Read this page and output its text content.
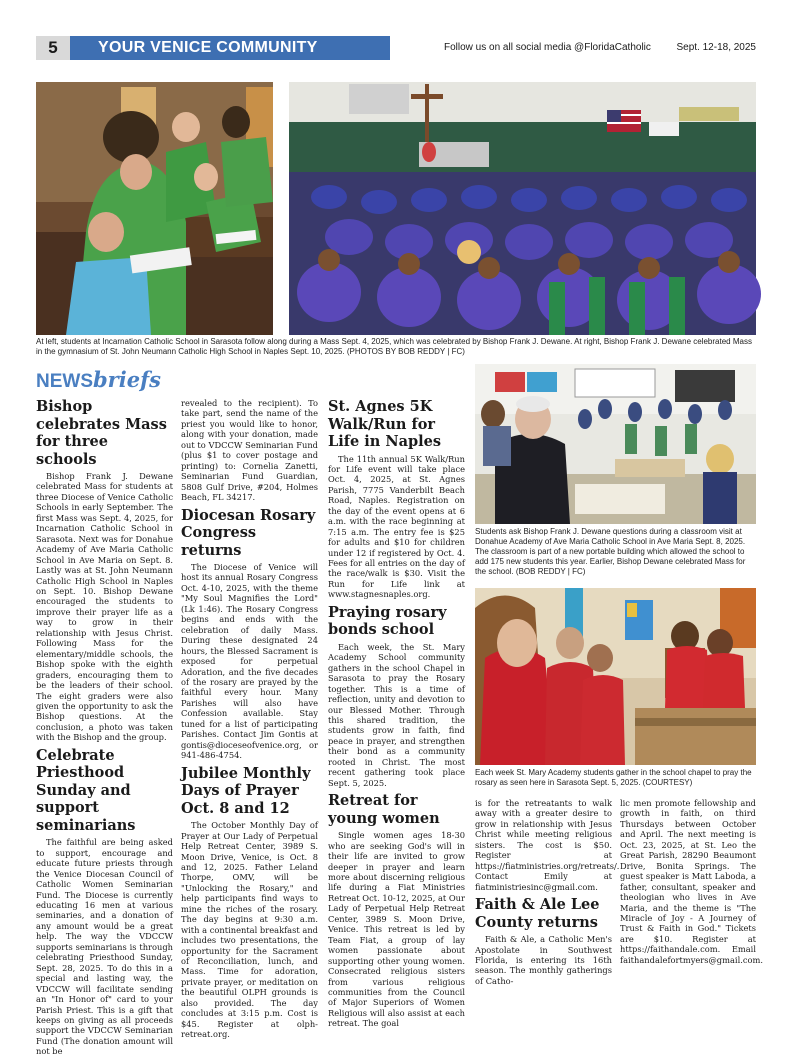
5	YOUR VENICE COMMUNITY	Follow us on all social media @FloridaCatholic	Sept. 12-18, 2025
At left, students at Incarnation Catholic School in Sarasota follow along during a Mass Sept. 4, 2025, which was celebrated by Bishop Frank J. Dewane. At right, Bishop Frank J. Dewane celebrated Mass in the gymnasium of St. John Neumann Catholic High School in Naples Sept. 10, 2025. (PHOTOS BY BOB REDDY | FC)
NEWSbriefs
Bishop celebrates Mass for three schools

Bishop Frank J. Dewane celebrated Mass for students at three Diocese of Venice Catholic Schools in early September. The first Mass was Sept. 4, 2025, for Incarnation Catholic School in Sarasota. Next was for Donahue Academy of Ave Maria Catholic School in Ave Maria on Sept. 8. Lastly was at St. John Neumann Catholic High School in Naples on Sept. 10. Bishop Dewane encouraged the students to improve their prayer life as a way to grow in their relationship with Jesus Christ. Following Mass for the elementary/middle schools, the Bishop spoke with the eighth graders, encouraging them to be the leaders of their school. The eight graders were also given the opportunity to ask the Bishop questions. At the conclusion, a photo was taken with the Bishop and the group.

Celebrate Priesthood Sunday and support seminarians

The faithful are being asked to support, encourage and educate future priests through the Venice Diocesan Council of Catholic Women Seminarian Fund. The Diocese is currently educating 16 men at various seminaries, and a donation of any amount would be a great help. The way the VDCCW supports seminarians is through celebrating Priesthood Sunday, Sept. 28, 2025. To do this in a special and lasting way, the VDCCW will facilitate sending an "In Honor of" card to your Parish Priest. This is a gift that keeps on giving as all proceeds support the VDCCW Seminarian Fund (The donation amount will not be

revealed to the recipient). To take part, send the name of the priest you would like to honor, along with your donation, made out to VDCCW Seminarian Fund (plus $1 to cover postage and printing) to: Cornelia Zanetti, Seminarian Fund Guardian, 5808 Gulf Drive, #204, Holmes Beach, FL 34217.

Diocesan Rosary Congress returns

The Diocese of Venice will host its annual Rosary Congress Oct. 4-10, 2025, with the theme "My Soul Magnifies the Lord" (Lk 1:46). The Rosary Congress begins and ends with the celebration of daily Mass. During these designated 24 hours, the Blessed Sacrament is exposed for perpetual Adoration, and the five decades of the rosary are prayed by the faithful every hour. Many Parishes will also have Confession available. Stay tuned for a list of participating Parishes. Contact Jim Gontis at gontis@dioceseofvenice.org, or 941-486-4754.

Jubilee Monthly Days of Prayer Oct. 8 and 12

The October Monthly Day of Prayer at Our Lady of Perpetual Help Retreat Center, 3989 S. Moon Drive, Venice, is Oct. 8 and 12, 2025. Father Leland Thorpe, OMV, will be "Unlocking the Rosary," and help participants find ways to mine the riches of the rosary. The day begins at 9:30 a.m. with a continental breakfast and includes two presentations, the opportunity for the Sacrament of Reconciliation, lunch, and Mass. Time for adoration, private prayer, or meditation on the beautiful OLPH grounds is also provided. The day concludes at 3:15 p.m. Cost is $45. Register at olph-retreat.org.

St. Agnes 5K Walk/Run for Life in Naples

The 11th annual 5K Walk/Run for Life event will take place Oct. 4, 2025, at St. Agnes Parish, 7775 Vanderbilt Beach Road, Naples. Registration on the day of the event opens at 6 a.m. with the race beginning at 7:15 a.m. The entry fee is $25 for adults and $10 for children under 12 if registered by Oct. 4. Fees for all entries on the day of the race/walk is $30. Visit the Run for Life link at www.stagnesnaples.org.

Praying rosary bonds school

Each week, the St. Mary Academy School community gathers in the school Chapel in Sarasota to pray the Rosary together. This is a time of reflection, unity and devotion to our Blessed Mother. Through this shared tradition, the students grow in faith, find peace in prayer, and strengthen their bond as a community rooted in Christ. The most recent gathering took place Sept. 5, 2025.

Retreat for young women

Single women ages 18-30 who are seeking God's will in their life are invited to grow deeper in prayer and learn more about discerning religious life during a Fiat Ministries Retreat Oct. 10-12, 2025, at Our Lady of Perpetual Help Retreat Center, 3989 S. Moon Drive, Venice. This retreat is led by Team Fiat, a group of lay women passionate about supporting other young women. Consecrated religious sisters from various religious communities from the Council of Major Superiors of Women Religious will also assist at each retreat. The goal

Students ask Bishop Frank J. Dewane questions during a classroom visit at Donahue Academy of Ave Maria Catholic School in Ave Maria Sept. 8, 2025. The classroom is part of a new portable building which allowed the school to add 175 new students this year. Earlier, Bishop Dewane celebrated Mass for the school. (BOB REDDY | FC)
Each week St. Mary Academy students gather in the school chapel to pray the rosary as seen here in Sarasota Sept. 5, 2025. (COURTESY)

is for the retreatants to walk away with a greater desire to grow in relationship with Jesus Christ while meeting religious sisters. The cost is $50. Register at https://fiatministries.org/retreats/. Contact Emily at fiatministriesinc@gmail.com.

Faith & Ale Lee County returns

Faith & Ale, a Catholic Men's Apostolate in Southwest Florida, is entering its 16th season. The monthly gatherings of Catho-

lic men promote fellowship and growth in faith, on third Thursdays between October and April. The next meeting is Oct. 23, 2025, at St. Leo the Great Parish, 28290 Beaumont Drive, Bonita Springs. The guest speaker is Matt Laboda, a father, consultant, speaker and theologian who lives in Ave Maria, and the theme is "The Miracle of Joy - A Journey of Trust & Faith in God." Tickets are $10. Register at https://faithandale.com. Email faithandalefortmyers@gmail.com.
